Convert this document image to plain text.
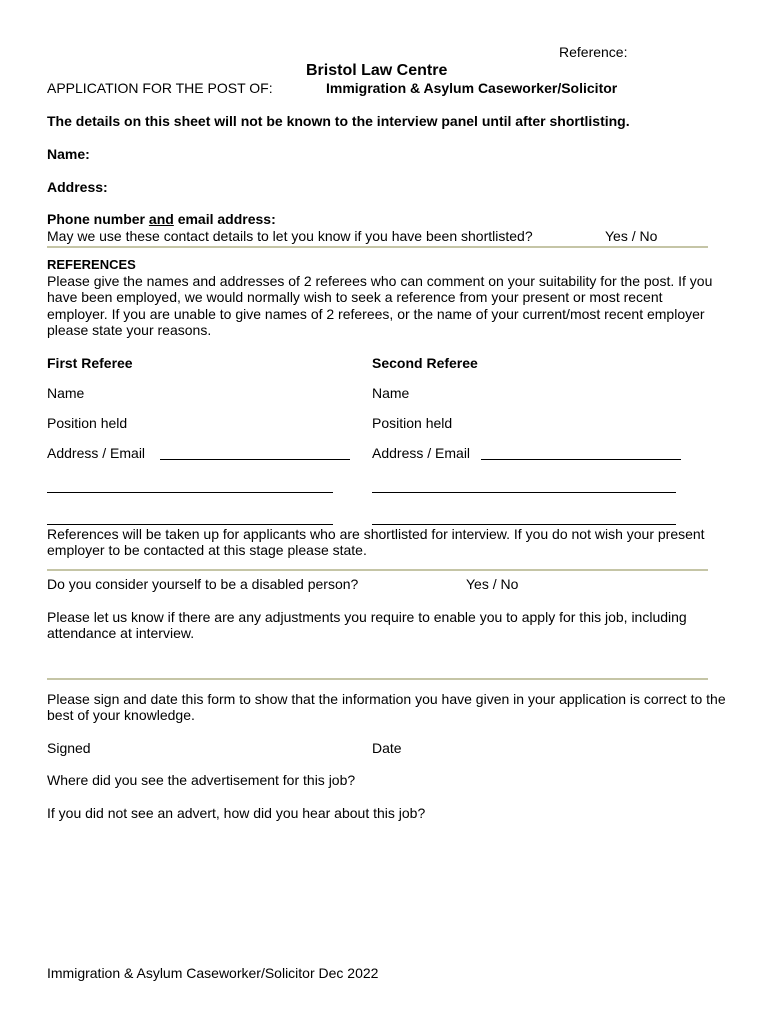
Reference:
Bristol Law Centre
APPLICATION FOR THE POST OF:	Immigration & Asylum Caseworker/Solicitor
The details on this sheet will not be known to the interview panel until after shortlisting.
Name:
Address:
Phone number and email address:
May we use these contact details to let you know if you have been shortlisted?	Yes / No
REFERENCES
Please give the names and addresses of 2 referees who can comment on your suitability for the post. If you have been employed, we would normally wish to seek a reference from your present or most recent employer. If you are unable to give names of 2 referees, or the name of your current/most recent employer please state your reasons.
First Referee	Second Referee
Name	Name
Position held	Position held
Address / Email	Address / Email
References will be taken up for applicants who are shortlisted for interview. If you do not wish your present employer to be contacted at this stage please state.
Do you consider yourself to be a disabled person?	Yes / No
Please let us know if there are any adjustments you require to enable you to apply for this job, including attendance at interview.
Please sign and date this form to show that the information you have given in your application is correct to the best of your knowledge.
Signed	Date
Where did you see the advertisement for this job?
If you did not see an advert, how did you hear about this job?
Immigration & Asylum Caseworker/Solicitor Dec 2022
